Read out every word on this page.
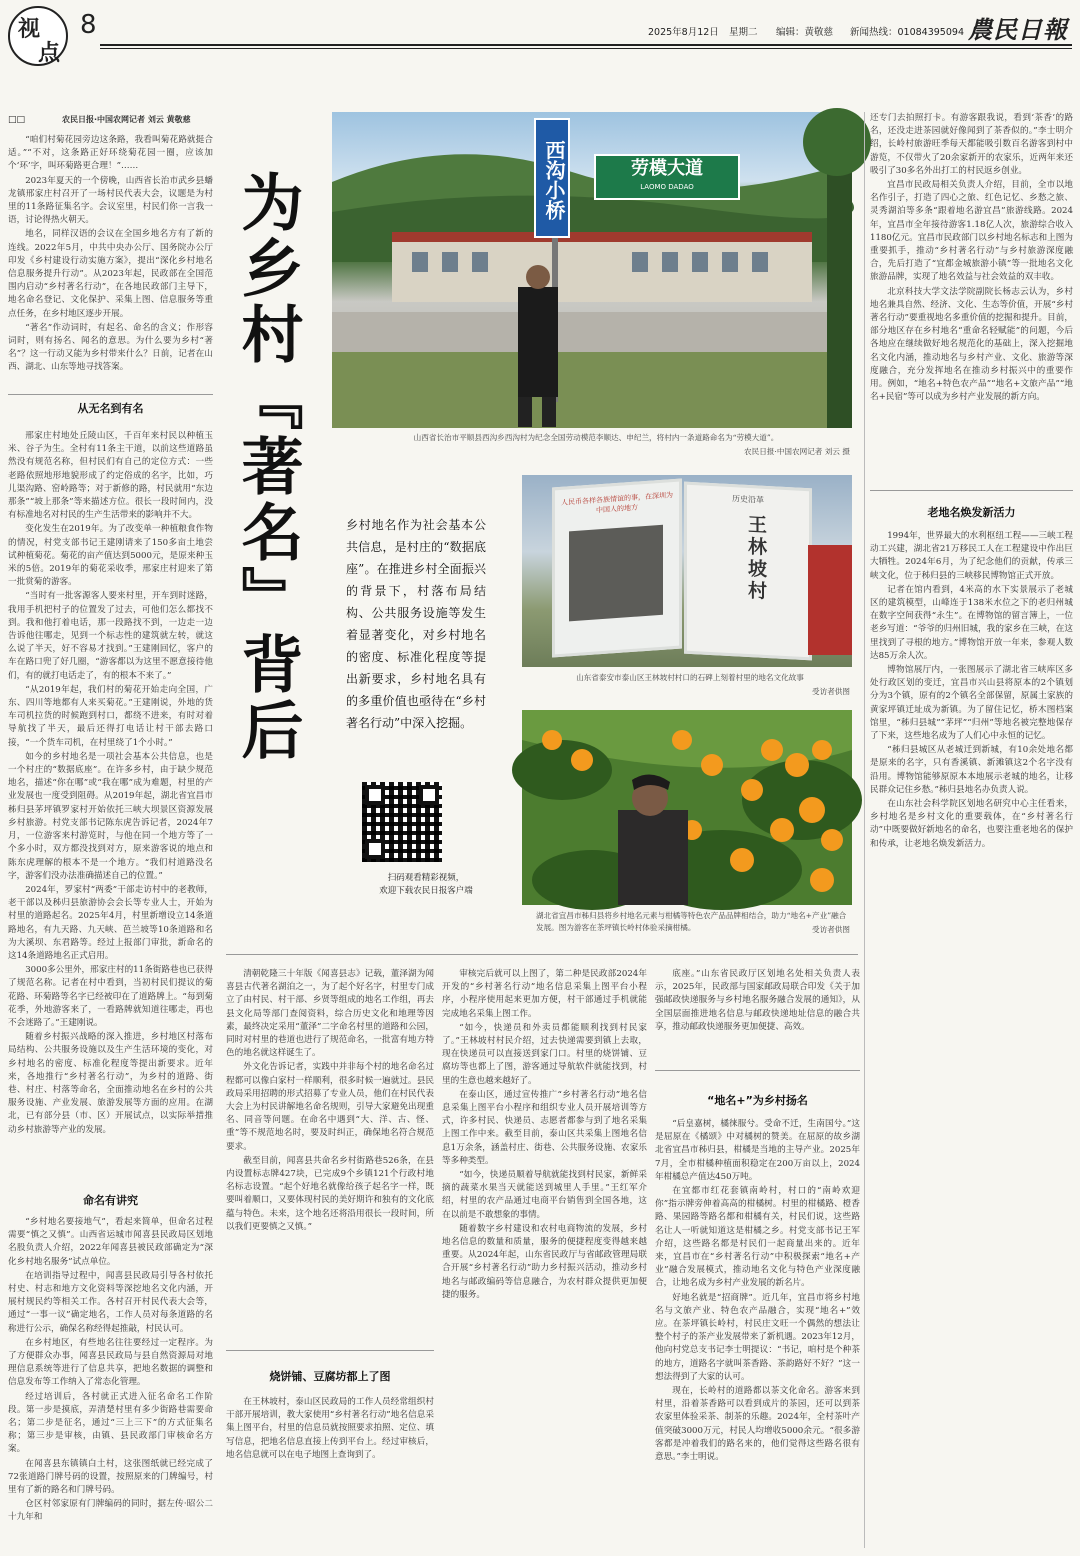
视
点
8	2025年8月12日 星期二 编辑：黄敬慈 新闻热线：01084395094 農民日報
农民日报·中国农网记者 刘云 黄敬慈
□□

“咱们村菊花园旁边这条路，我看叫菊花路就挺合适。”“不对，这条路正好环绕菊花园一圈，应该加个‘环’字，叫环菊路更合理！”……

2023年夏天的一个傍晚，山西省长治市武乡县蟠龙镇邢家庄村召开了一场村民代表大会，议题是为村里的11条路征集名字。会议室里，村民们你一言我一语，讨论得热火朝天。

地名，同样汉语的会议在全国乡地名方有了新的连线。2022年5月，中共中央办公厅、国务院办公厅印发《乡村建设行动实施方案》，提出“深化乡村地名信息服务提升行动”。从2023年起，民政部在全国范围内启动“乡村著名行动”，在各地民政部门主导下，地名命名登记、文化保护、采集上图、信息服务等重点任务，在乡村地区逐步开展。

“著名”作动词时，有起名、命名的含义；作形容词时，则有扬名、闻名的意思。为什么要为乡村“著名”？这一行动又能为乡村带来什么？日前，记者在山西、湖北、山东等地寻找答案。

从无名到有名

邢家庄村地处丘陵山区，千百年来村民以种植玉米、谷子为生。全村有11条主干道，以前这些道路虽然没有规范名称，但村民们有自己的定位方式：一些老路依照地形地貌形成了约定俗成的名字，比如，巧儿渠沟路、窑岭路等；对于新修的路，村民就用“东边那条”“坡上那条”等来描述方位。很长一段时间内，没有标准地名对村民的生产生活带来的影响并不大。

变化发生在2019年。为了改变单一种植粮食作物的情况，村党支部书记王建刚请来了150多亩土地尝试种植菊花。菊花的亩产值达到5000元，是原来种玉米的5倍。2019年的菊花采收季，邢家庄村迎来了第一批赏菊的游客。

“当时有一批客源客人要来村里，开车到时迷路，我用手机把村子的位置发了过去，可他们怎么都找不到。我和他打着电话，那一段路找不到，一边走一边告诉他往哪走，见到一个标志性的建筑就左转，就这么说了半天，好不容易才找到。”王建刚回忆，客户的车在路口兜了好几圈，“游客都以为这里不愿意接待他们，有的就打电话走了，有的根本不来了。”

“从2019年起，我们村的菊花开始走向全国，广东、四川等地都有人来买菊花。”王建刚说，外地的货车司机拉货的时候跑到村口，都绕不进来，有时对着导航找了半天，最后还得打电话让村干部去路口接，“一个货车司机，在村里绕了1个小时。”

如今的乡村地名是一项社会基本公共信息，也是一个村庄的“数据底座”。在许多乡村，由于缺少规范地名，描述“你在哪”或“我在哪”成为难题，村里的产业发展也一度受到阻碍。从2019年起，湖北省宜昌市秭归县茅坪镇罗家村开始依托三峡大坝景区资源发展乡村旅游。村党支部书记陈东虎告诉记者，2024年7月，一位游客来村游览时，与他在同一个地方等了一个多小时，双方都没找到对方，原来游客说的地点和陈东虎理解的根本不是一个地方。“我们村道路没名字，游客们没办法准确描述自己的位置。”

2024年，罗家村“两委”干部走访村中的老教师，老干部以及秭归县旅游协会会长等专业人士，开始为村里的道路起名。2025年4月，村里新增设立14条道路地名，有九天路、九天峡、芭兰坡等10条道路和名为大溪坝、东君路等。经过上报部门审批，新命名的这14条道路地名正式启用。

3000多公里外，邢家庄村的11条街路巷也已获得了规范名称。记者在村中看到，当初村民们提议的菊花路、环菊路等名字已经被印在了道路牌上。“每到菊花季，外地游客来了，一看路牌就知道往哪走，再也不会迷路了。”王建刚说。

随着乡村振兴战略的深入推进，乡村地区村落布局结构、公共服务设施以及生产生活环境的变化，对乡村地名的密度、标准化程度等提出新要求。近年来，各地推行“乡村著名行动”，为乡村的道路、街巷、村庄、村落等命名，全面推动地名在乡村的公共服务设施、产业发展、旅游发展等方面的应用。在湖北，已有部分县（市、区）开展试点，以实际举措推动乡村旅游等产业的发展。

命名有讲究

“乡村地名要接地气”，看起来简单，但命名过程需要“慎之又慎”。山西省运城市闻喜县民政局区划地名股负责人介绍，2022年闻喜县被民政部确定为“深化乡村地名服务”试点单位。

在培训指导过程中，闻喜县民政局引导各村依托村史、村志和地方文化资料等深挖地名文化内涵，开展村规民约等相关工作。各村召开村民代表大会等，通过“一事一议”确定地名，工作人员对每条道路的名称进行公示，确保名称经得起推敲，村民认可。

在乡村地区，有些地名往往要经过一定程序。为了方便群众办事，闻喜县民政局与县自然资源局对地理信息系统等进行了信息共享，把地名数据的调整和信息发布等工作纳入了常态化管理。

经过培训后，各村就正式进入征名命名工作阶段。第一步是摸底，弄清楚村里有多少街路巷需要命名；第二步是征名，通过“三上三下”的方式征集名称；第三步是审核，由镇、县民政部门审核命名方案。

在闻喜县东镇镇白土村，这张图纸就已经完成了72张道路门牌号码的设置，按照原来的门牌编号，村里有了新的路名和门牌号码。

仓区村邻家原有门牌编码的同时，据左传·昭公二十九年和

为乡村『著名』背后	乡村地名作为社会基本公共信息，是村庄的“数据底座”。在推进乡村全面振兴的背景下，村落布局结构、公共服务设施等发生着显著变化，对乡村地名的密度、标准化程度等提出新要求，乡村地名具有的多重价值也亟待在“乡村著名行动”中深入挖掘。
扫码观看精彩视频，
欢迎下载农民日报客户端
西沟小桥	劳模大道
LAOMO DADAO
山西省长治市平顺县西沟乡西沟村为纪念全国劳动模范李顺达、申纪兰，将村内一条道路命名为“劳模大道”。
农民日报·中国农网记者 刘云 摄
人民币各样各族情谊的事，在深圳为中国人的地方
历史沿革
王林坡村
山东省泰安市泰山区王林坡村村口的石碑上刻着村里的地名文化故事
受访者供图
湖北省宜昌市秭归县将乡村地名元素与柑橘等特色农产品品牌相结合，助力“地名+产业”融合发展。图为游客在茶坪镇长岭村体验采摘柑橘。	受访者供图

清朝乾隆三十年版《闻喜县志》记载，董泽湖为闻喜县古代著名湖泊之一，为了起个好名字，村里专门成立了由村民、村干部、乡贤等组成的地名工作组，再去县文化局等部门查阅资料，综合历史文化和地理等因素，最终决定采用“董泽”二字命名村里的道路和公园，同时对村里的巷道也进行了规范命名，一批富有地方特色的地名就这样诞生了。

外文化告诉记者，实践中并非每个村的地名命名过程都可以像白家村一样顺利，很多时候一遍就过。县民政局采用招聘的形式招募了专业人员，他们在村民代表大会上为村民讲解地名命名规则，引导大家避免出现重名、同音等问题。在命名中遇到“大、洋、古、怪、重”等不规范地名时，要及时纠正，确保地名符合规范要求。

截至目前，闻喜县共命名乡村街路巷526条，在县内设置标志牌427块，已完成9个乡镇121个行政村地名标志设置。“起个好地名就像给孩子起名字一样，既要叫着顺口，又要体现村民的美好期许和独有的文化底蕴与特色。未来，这个地名还将沿用很长一段时间，所以我们更要慎之又慎。”

烧饼铺、豆腐坊都上了图

在王林坡村，泰山区民政局的工作人员经常组织村干部开展培训，教大家使用“乡村著名行动”地名信息采集上图平台，村里的信息员就按照要求拍照、定位、填写信息，把地名信息直接上传到平台上。经过审核后，地名信息就可以在电子地图上查询到了。

审核完后就可以上图了，第二种是民政部2024年开发的“乡村著名行动”地名信息采集上图平台小程序，小程序使用起来更加方便，村干部通过手机就能完成地名采集上图工作。

“如今，快递员和外卖员都能顺利找到村民家了。”王林坡村村民介绍，过去快递需要到镇上去取，现在快递员可以直接送到家门口。村里的烧饼铺、豆腐坊等也都上了图，游客通过导航软件就能找到，村里的生意也越来越好了。

在泰山区，通过宣传推广“乡村著名行动”地名信息采集上图平台小程序和组织专业人员开展培训等方式，许多村民、快递员、志愿者都参与到了地名采集上图工作中来。截至目前，泰山区共采集上图地名信息1万余条，涵盖村庄、街巷、公共服务设施、农家乐等多种类型。

“如今，快递员顺着导航就能找到村民家，新鲜采摘的蔬菜水果当天就能送到城里人手里。”王红军介绍，村里的农产品通过电商平台销售到全国各地，这在以前是不敢想象的事情。

随着数字乡村建设和农村电商物流的发展，乡村地名信息的数量和质量，服务的便捷程度变得越来越重要。从2024年起，山东省民政厅与省邮政管理局联合开展“乡村著名行动”助力乡村振兴活动，推动乡村地名与邮政编码等信息融合，为农村群众提供更加便捷的服务。

底座。”山东省民政厅区划地名处相关负责人表示，2025年，民政部与国家邮政局联合印发《关于加强邮政快递服务与乡村地名服务融合发展的通知》，从全国层面推进地名信息与邮政快递地址信息的融合共享，推动邮政快递服务更加便捷、高效。

“地名+”为乡村扬名

“后皇嘉树，橘徕服兮。受命不迁，生南国兮。”这是屈原在《橘颂》中对橘树的赞美。在屈原的故乡湖北省宜昌市秭归县，柑橘是当地的主导产业。2025年7月，全市柑橘种植面积稳定在200万亩以上，2024年柑橘总产值达450万吨。

在宜都市红花套镇南岭村，村口的“南岭欢迎你”指示牌旁伸着高高的柑橘树。村里的柑橘路、橙香路、果园路等路名都和柑橘有关，村民们说，这些路名让人一听就知道这是柑橘之乡。村党支部书记王军介绍，这些路名都是村民们一起商量出来的。近年来，宜昌市在“乡村著名行动”中积极探索“地名+产业”融合发展模式，推动地名文化与特色产业深度融合，让地名成为乡村产业发展的新名片。

好地名就是“招商牌”。近几年，宜昌市将乡村地名与文旅产业、特色农产品融合，实现“地名+”效应。在茶坪镇长岭村，村民庄文旺一个偶然的想法让整个村子的茶产业发展带来了新机遇。2023年12月，他向村党总支书记李士明提议：“书记，咱村是个种茶的地方，道路名字就叫茶香路、茶韵路好不好？”这一想法得到了大家的认可。

现在，长岭村的道路都以茶文化命名。游客来到村里，沿着茶香路可以看到成片的茶园，还可以到茶农家里体验采茶、制茶的乐趣。2024年，全村茶叶产值突破3000万元，村民人均增收5000余元。“很多游客都是冲着我们的路名来的，他们觉得这些路名很有意思。”李士明说。

还专门去拍照打卡。有游客跟我说，看到‘茶香’的路名，还没走进茶园就好像闻到了茶香似的。”李士明介绍，长岭村旅游旺季每天都能吸引数百名游客到村中游览，不仅带火了20余家新开的农家乐，近两年来还吸引了30多名外出打工的村民返乡创业。

宜昌市民政局相关负责人介绍，目前，全市以地名作引子，打造了四心之旅、红色记忆、乡愁之旅、灵秀湖泊等多条“跟着地名游宜昌”旅游线路。2024年，宜昌市全年接待游客1.18亿人次，旅游综合收入1180亿元。宜昌市民政部门以乡村地名标志和上图为重要抓手，推动“乡村著名行动”与乡村旅游深度融合，先后打造了“宜都金城旅游小镇”等一批地名文化旅游品牌，实现了地名效益与社会效益的双丰收。

北京科技大学文法学院副院长杨志云认为，乡村地名兼具自然、经济、文化、生态等价值，开展“乡村著名行动”要重视地名多重价值的挖掘和提升。目前，部分地区存在乡村地名“重命名轻赋能”的问题，今后各地应在继续做好地名规范化的基础上，深入挖掘地名文化内涵，推动地名与乡村产业、文化、旅游等深度融合，充分发挥地名在推动乡村振兴中的重要作用。例如，“地名+特色农产品”“地名+文旅产品”“地名+民宿”等可以成为乡村产业发展的新方向。

老地名焕发新活力

1994年，世界最大的水利枢纽工程——三峡工程动工兴建，湖北省21万移民工人在工程建设中作出巨大牺牲。2024年6月，为了纪念他们的贡献，传承三峡文化，位于秭归县的三峡移民博物馆正式开放。

记者在馆内看到，4米高的水下实景展示了老城区的建筑模型，山峰连于138米水位之下的老归州城在数字空间获得“永生”。在博物馆的留言簿上，一位老乡写道：“爷爷的归州旧城，我的家乡在三峡，在这里找到了寻根的地方。”博物馆开放一年来，参观人数达85万余人次。

博物馆展厅内，一张图展示了湖北省三峡库区多处行政区划的变迁，宜昌市兴山县将原本的2个镇划分为3个镇，原有的2个镇名全部保留，原属土家族的黄家坪镇迁址成为新镇。为了留住记忆，桥木图档案馆里，“秭归县城”“茅坪”“归州”等地名被完整地保存了下来，这些地名成为了人们心中永恒的记忆。

“秭归县城区从老城迁到新城，有10余处地名都是原来的名字，只有香溪镇、新滩镇这2个名字没有沿用。博物馆能够原原本本地展示老城的地名，让移民群众记住乡愁。”秭归县地名办负责人说。

在山东社会科学院区划地名研究中心主任看来，乡村地名是乡村文化的重要载体，在“乡村著名行动”中既要做好新地名的命名，也要注重老地名的保护和传承，让老地名焕发新活力。
